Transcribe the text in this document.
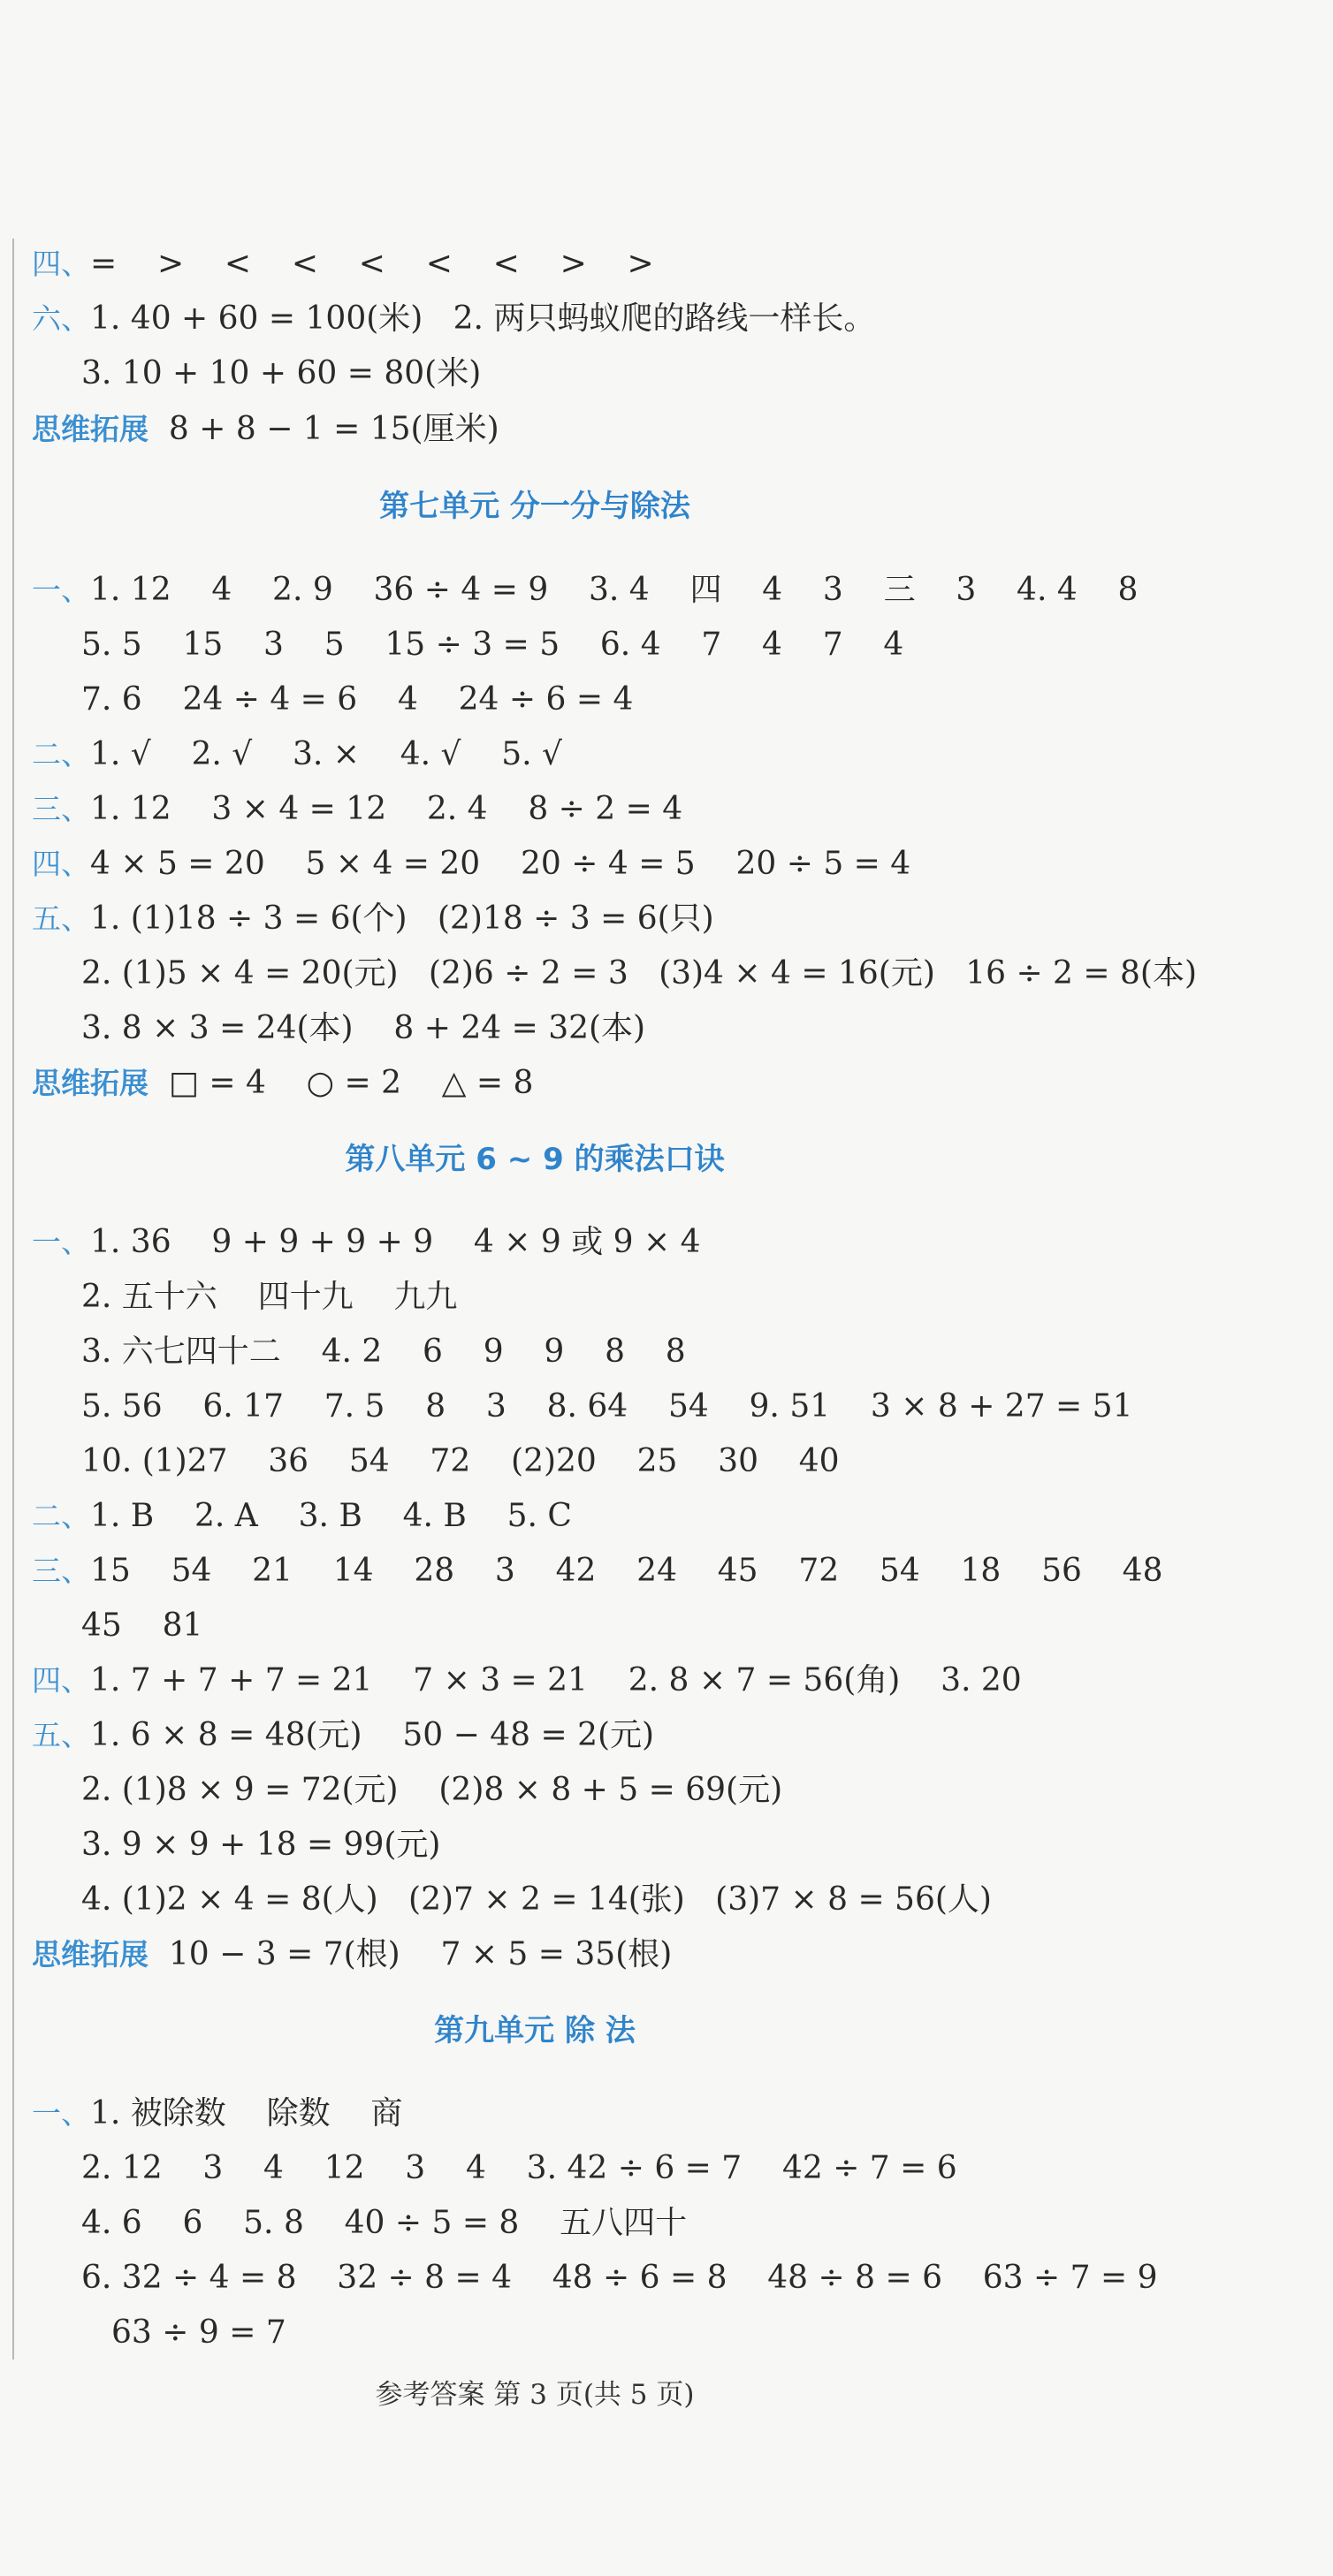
四、=    >    <    <    <    <    <    >    >
六、1. 40 + 60 = 100(米)   2. 两只蚂蚁爬的路线一样长。
3. 10 + 10 + 60 = 80(米)
思维拓展  8 + 8 − 1 = 15(厘米)
第七单元 分一分与除法
一、1. 12    4    2. 9    36 ÷ 4 = 9    3. 4    四    4    3    三    3    4. 4    8
5. 5    15    3    5    15 ÷ 3 = 5    6. 4    7    4    7    4
7. 6    24 ÷ 4 = 6    4    24 ÷ 6 = 4
二、1. √    2. √    3. ×    4. √    5. √
三、1. 12    3 × 4 = 12    2. 4    8 ÷ 2 = 4
四、4 × 5 = 20    5 × 4 = 20    20 ÷ 4 = 5    20 ÷ 5 = 4
五、1. (1)18 ÷ 3 = 6(个)   (2)18 ÷ 3 = 6(只)
2. (1)5 × 4 = 20(元)   (2)6 ÷ 2 = 3   (3)4 × 4 = 16(元)   16 ÷ 2 = 8(本)
3. 8 × 3 = 24(本)    8 + 24 = 32(本)
思维拓展  □ = 4    ○ = 2    △ = 8
第八单元 6 ~ 9 的乘法口诀
一、1. 36    9 + 9 + 9 + 9    4 × 9 或 9 × 4
2. 五十六    四十九    九九
3. 六七四十二    4. 2    6    9    9    8    8
5. 56    6. 17    7. 5    8    3    8. 64    54    9. 51    3 × 8 + 27 = 51
10. (1)27    36    54    72    (2)20    25    30    40
二、1. B    2. A    3. B    4. B    5. C
三、15    54    21    14    28    3    42    24    45    72    54    18    56    48
45    81
四、1. 7 + 7 + 7 = 21    7 × 3 = 21    2. 8 × 7 = 56(角)    3. 20
五、1. 6 × 8 = 48(元)    50 − 48 = 2(元)
2. (1)8 × 9 = 72(元)    (2)8 × 8 + 5 = 69(元)
3. 9 × 9 + 18 = 99(元)
4. (1)2 × 4 = 8(人)   (2)7 × 2 = 14(张)   (3)7 × 8 = 56(人)
思维拓展  10 − 3 = 7(根)    7 × 5 = 35(根)
第九单元 除 法
一、1. 被除数    除数    商
2. 12    3    4    12    3    4    3. 42 ÷ 6 = 7    42 ÷ 7 = 6
4. 6    6    5. 8    40 ÷ 5 = 8    五八四十
6. 32 ÷ 4 = 8    32 ÷ 8 = 4    48 ÷ 6 = 8    48 ÷ 8 = 6    63 ÷ 7 = 9
63 ÷ 9 = 7
参考答案 第 3 页(共 5 页)
